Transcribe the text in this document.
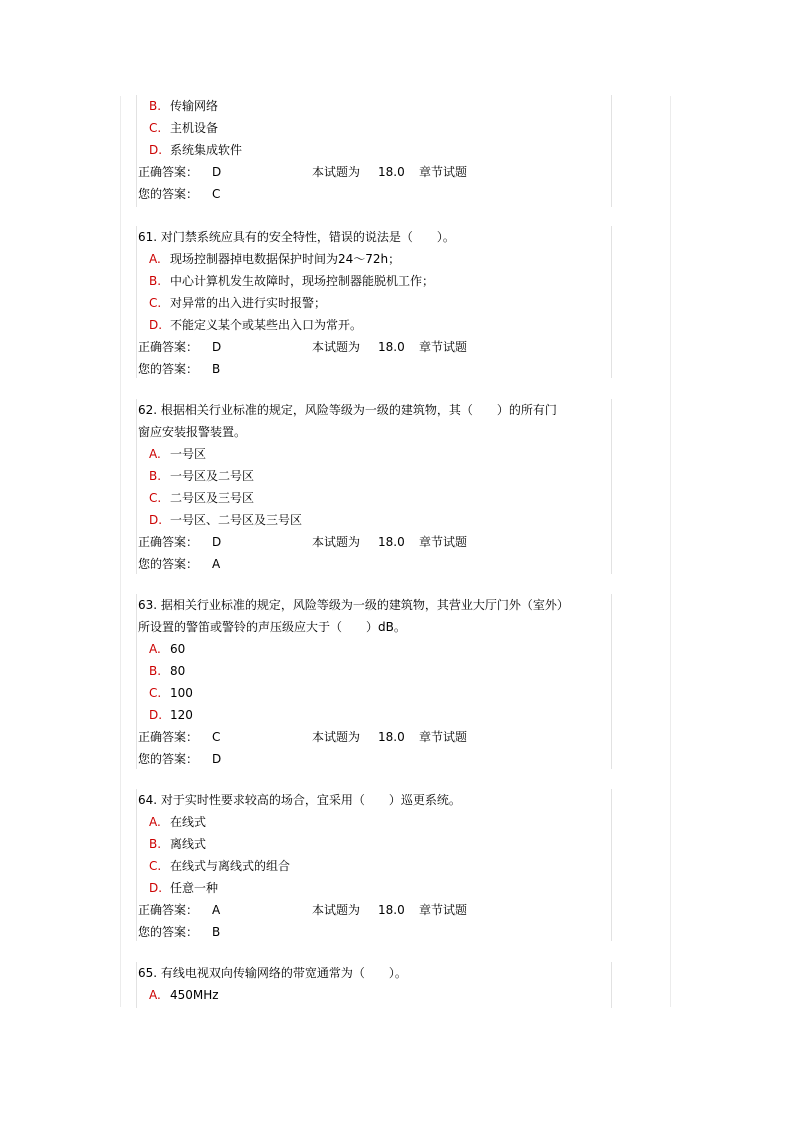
B. 传输网络
C. 主机设备
D. 系统集成软件
正确答案： D	本试题为 18.0 章节试题
您的答案： C
61. 对门禁系统应具有的安全特性，错误的说法是（　　）。
A. 现场控制器掉电数据保护时间为24～72h；
B. 中心计算机发生故障时，现场控制器能脱机工作；
C. 对异常的出入进行实时报警；
D. 不能定义某个或某些出入口为常开。
正确答案： D	本试题为 18.0 章节试题
您的答案： B
62. 根据相关行业标准的规定，风险等级为一级的建筑物，其（　　）的所有门
窗应安装报警装置。
A. 一号区
B. 一号区及二号区
C. 二号区及三号区
D. 一号区、二号区及三号区
正确答案： D	本试题为 18.0 章节试题
您的答案： A
63. 据相关行业标准的规定，风险等级为一级的建筑物，其营业大厅门外（室外）
所设置的警笛或警铃的声压级应大于（　　）dB。
A. 60
B. 80
C. 100
D. 120
正确答案： C	本试题为 18.0 章节试题
您的答案： D
64. 对于实时性要求较高的场合，宜采用（　　）巡更系统。
A. 在线式
B. 离线式
C. 在线式与离线式的组合
D. 任意一种
正确答案： A	本试题为 18.0 章节试题
您的答案： B
65. 有线电视双向传输网络的带宽通常为（　　）。
A. 450MHz
